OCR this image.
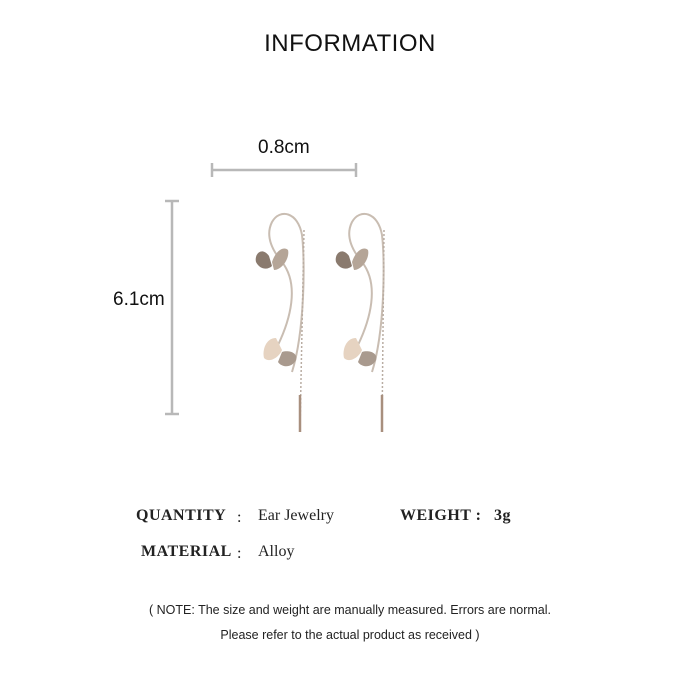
INFORMATION
0.8cm
6.1cm
QUANTITY : Ear Jewelry	WEIGHT : 3g
MATERIAL : Alloy
( NOTE: The size and weight are manually measured. Errors are normal.
Please refer to the actual product as received )
